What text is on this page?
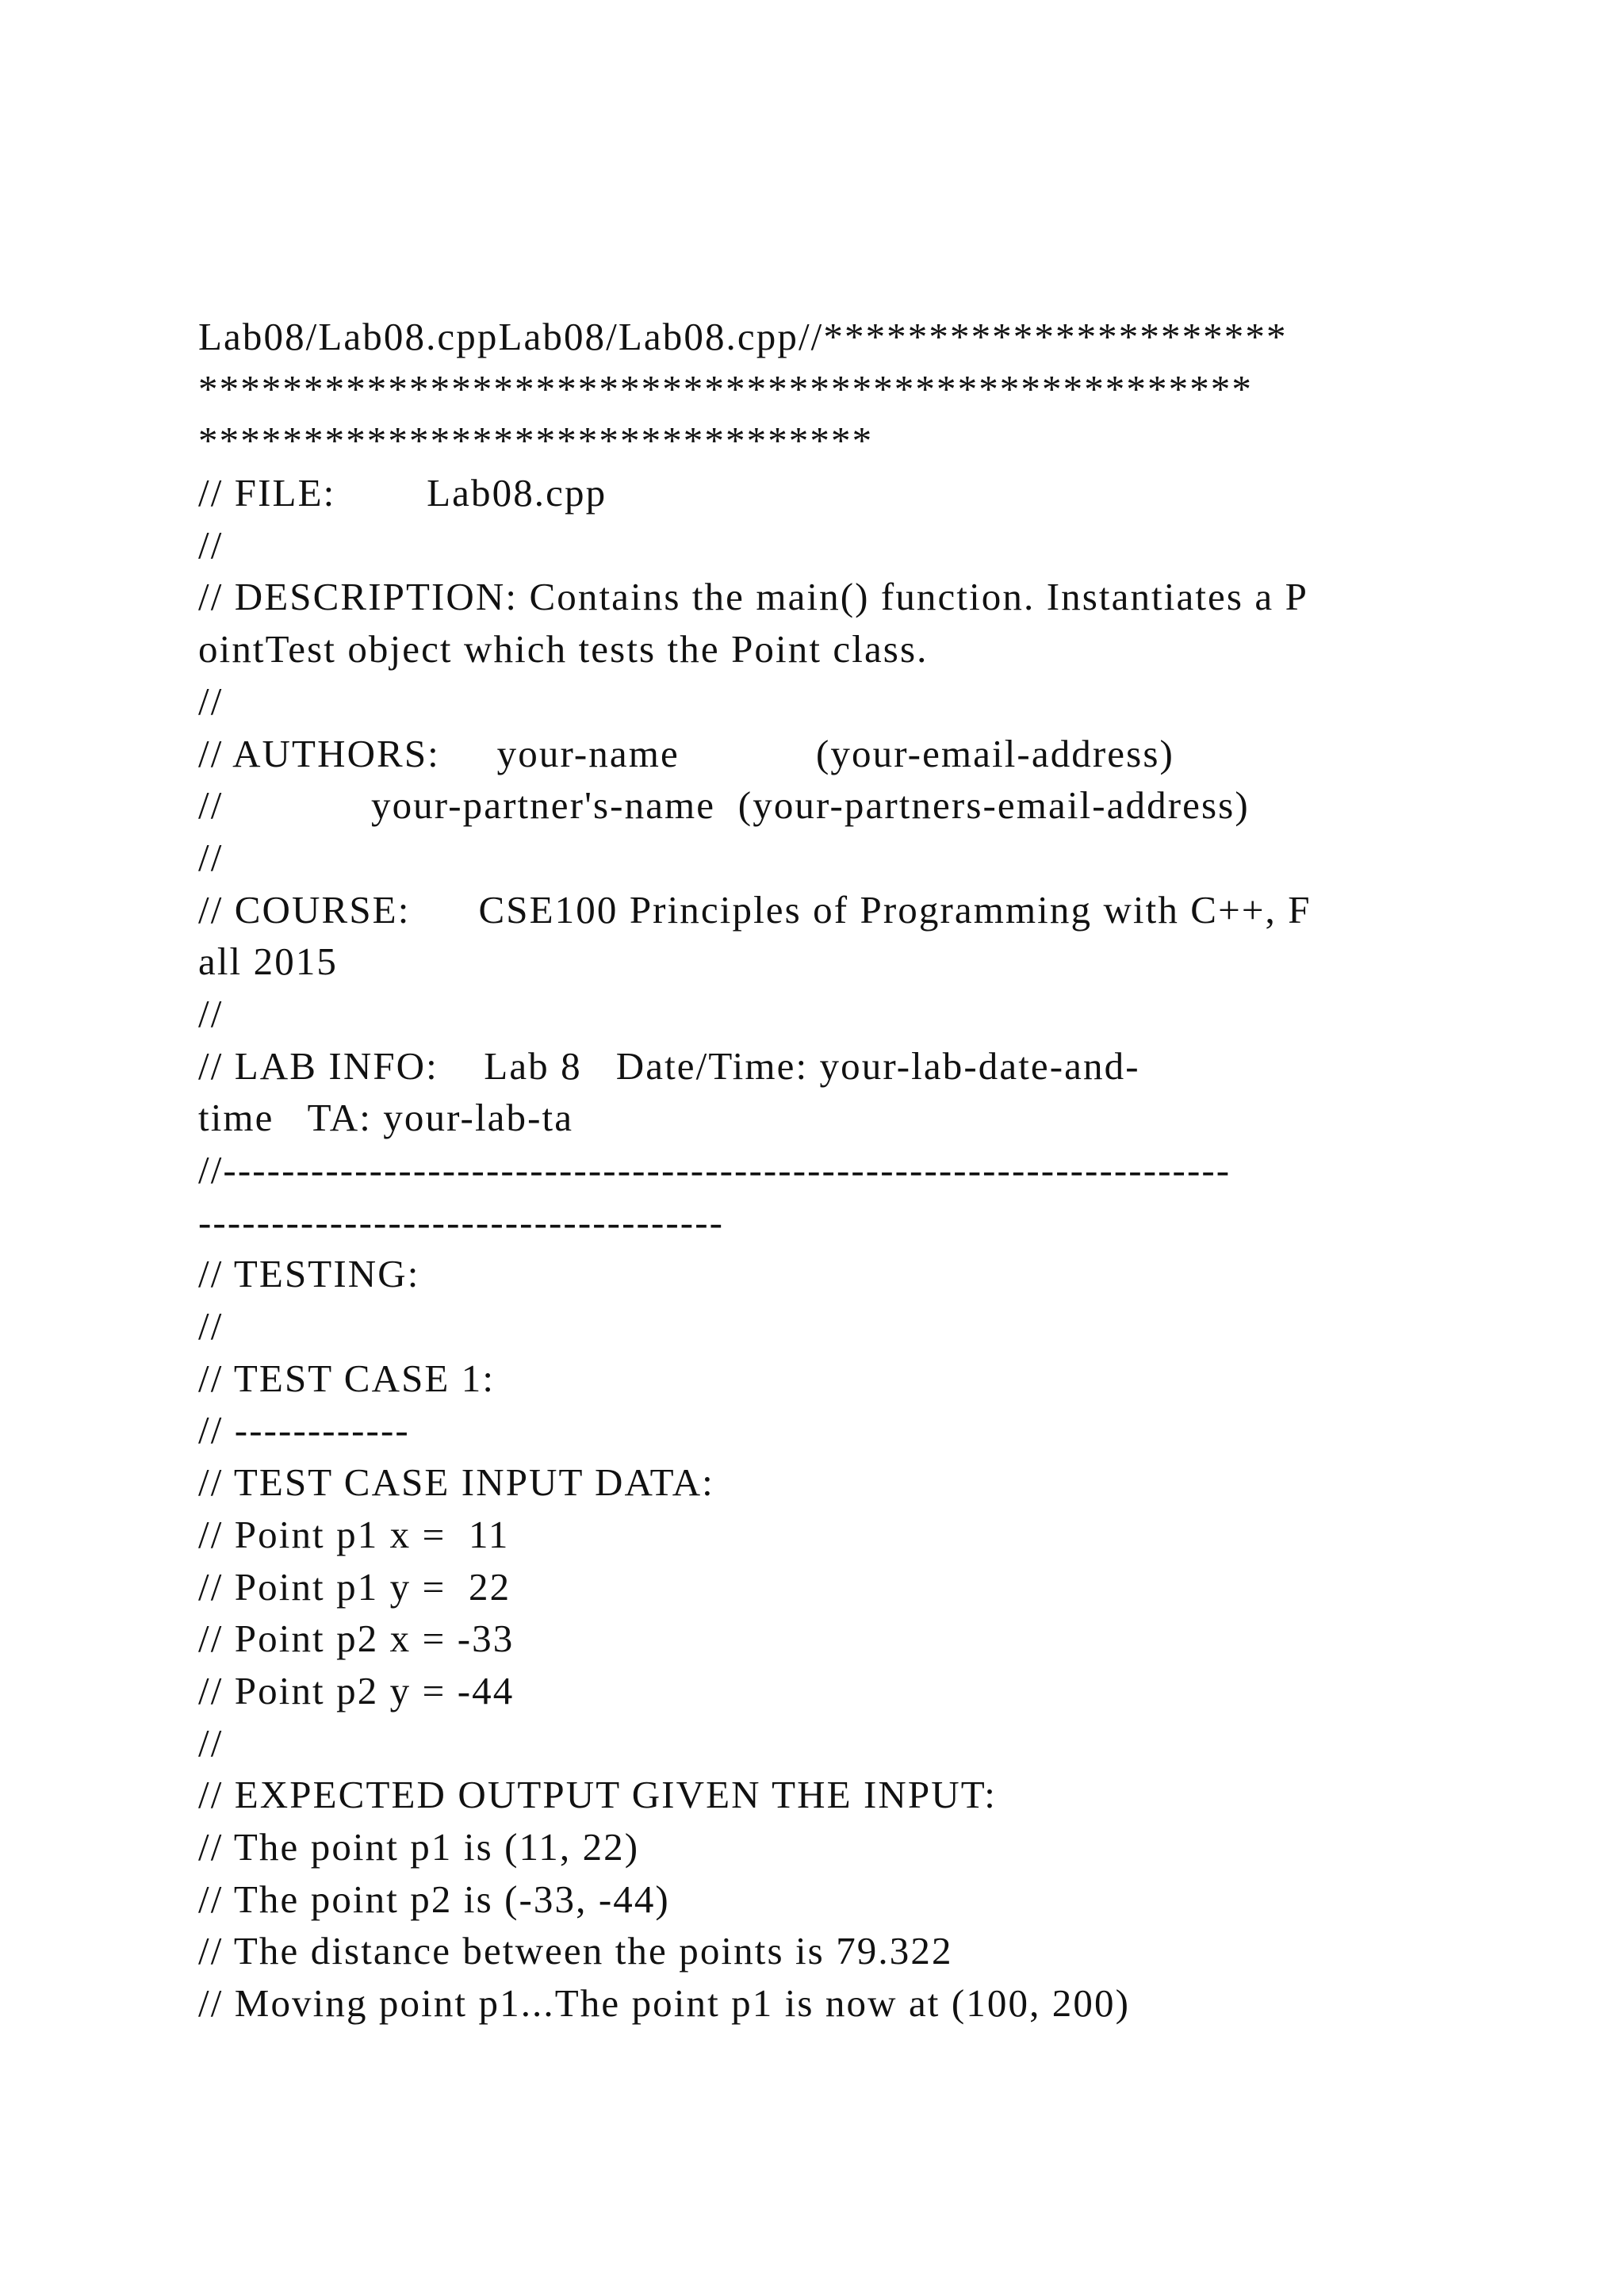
Lab08/Lab08.cppLab08/Lab08.cpp//**********************
**************************************************
********************************
// FILE:        Lab08.cpp
//
// DESCRIPTION: Contains the main() function. Instantiates a P
ointTest object which tests the Point class.
//
// AUTHORS:     your-name            (your-email-address)
//             your-partner's-name  (your-partners-email-address)
//
// COURSE:      CSE100 Principles of Programming with C++, F
all 2015
//
// LAB INFO:    Lab 8   Date/Time: your-lab-date-and-
time   TA: your-lab-ta
//---------------------------------------------------------------------
------------------------------------
// TESTING:
//
// TEST CASE 1:
// ------------
// TEST CASE INPUT DATA:
// Point p1 x =  11
// Point p1 y =  22
// Point p2 x = -33
// Point p2 y = -44
//
// EXPECTED OUTPUT GIVEN THE INPUT:
// The point p1 is (11, 22)
// The point p2 is (-33, -44)
// The distance between the points is 79.322
// Moving point p1...The point p1 is now at (100, 200)
